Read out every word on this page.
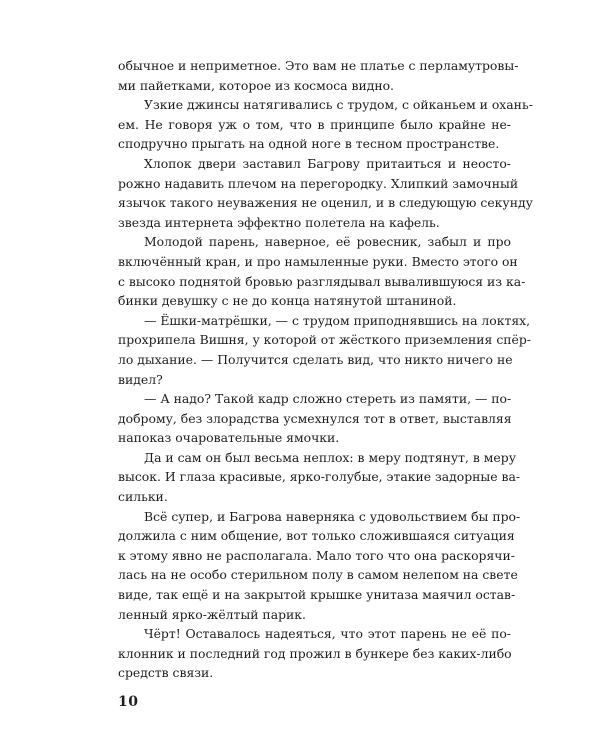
обычное и неприметное. Это вам не платье с перламутровы-
ми пайетками, которое из космоса видно.

Узкие джинсы натягивались с трудом, с ойканьем и охань-
ем. Не говоря уж о том, что в принципе было крайне не-
сподручно прыгать на одной ноге в тесном пространстве.

Хлопок двери заставил Багрову притаиться и неосто-
рожно надавить плечом на перегородку. Хлипкий замочный
язычок такого неуважения не оценил, и в следующую секунду
звезда интернета эффектно полетела на кафель.

Молодой парень, наверное, её ровесник, забыл и про
включённый кран, и про намыленные руки. Вместо этого он
с высоко поднятой бровью разглядывал вывалившуюся из ка-
бинки девушку с не до конца натянутой штаниной.

— Ёшки-матрёшки, — с трудом приподнявшись на локтях,
прохрипела Вишня, у которой от жёсткого приземления спёр-
ло дыхание. — Получится сделать вид, что никто ничего не
видел?

— А надо? Такой кадр сложно стереть из памяти, — по-
доброму, без злорадства усмехнулся тот в ответ, выставляя
напоказ очаровательные ямочки.

Да и сам он был весьма неплох: в меру подтянут, в меру
высок. И глаза красивые, ярко-голубые, этакие задорные ва-
сильки.

Всё супер, и Багрова наверняка с удовольствием бы про-
должила с ним общение, вот только сложившаяся ситуация
к этому явно не располагала. Мало того что она раскорячи-
лась на не особо стерильном полу в самом нелепом на свете
виде, так ещё и на закрытой крышке унитаза маячил остав-
ленный ярко-жёлтый парик.

Чёрт! Оставалось надеяться, что этот парень не её по-
клонник и последний год прожил в бункере без каких-либо
средств связи.

10
